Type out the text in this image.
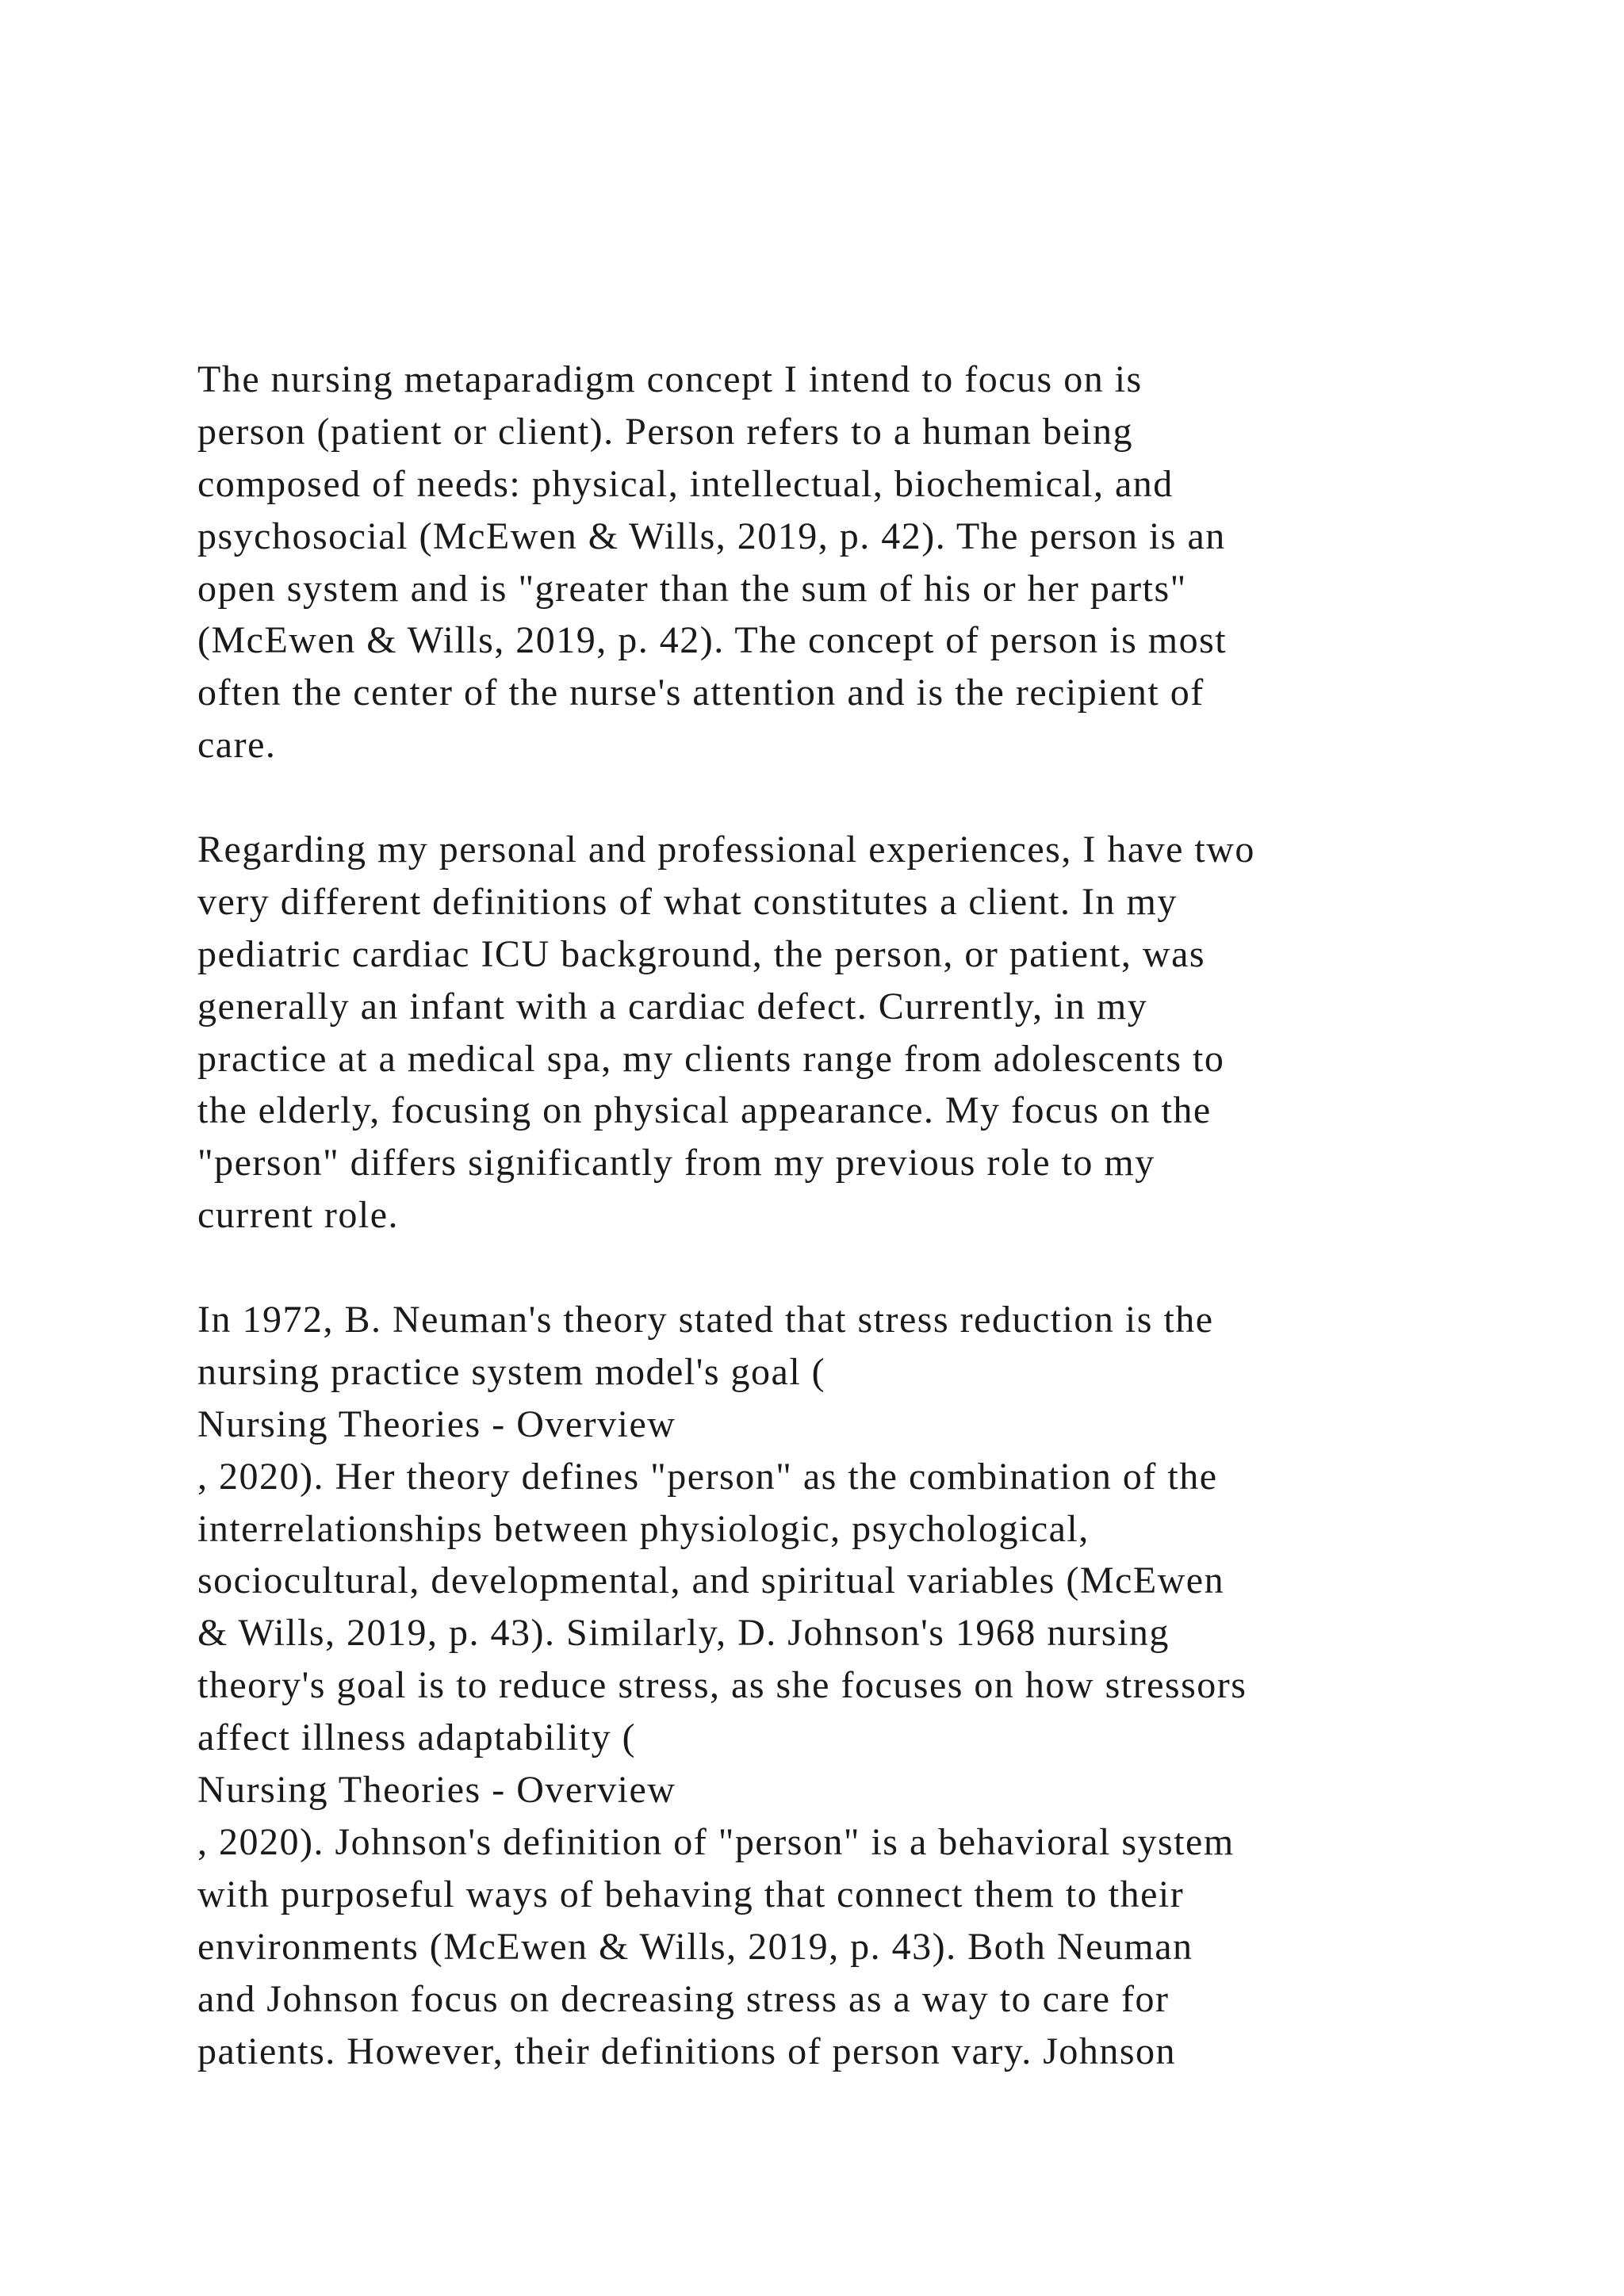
The nursing metaparadigm concept I intend to focus on is
person (patient or client). Person refers to a human being
composed of needs: physical, intellectual, biochemical, and
psychosocial (McEwen & Wills, 2019, p. 42). The person is an
open system and is "greater than the sum of his or her parts"
(McEwen & Wills, 2019, p. 42). The concept of person is most
often the center of the nurse's attention and is the recipient of
care.
Regarding my personal and professional experiences, I have two
very different definitions of what constitutes a client. In my
pediatric cardiac ICU background, the person, or patient, was
generally an infant with a cardiac defect. Currently, in my
practice at a medical spa, my clients range from adolescents to
the elderly, focusing on physical appearance. My focus on the
"person" differs significantly from my previous role to my
current role.
In 1972, B. Neuman's theory stated that stress reduction is the
nursing practice system model's goal (
Nursing Theories - Overview
, 2020). Her theory defines "person" as the combination of the
interrelationships between physiologic, psychological,
sociocultural, developmental, and spiritual variables (McEwen
& Wills, 2019, p. 43). Similarly, D. Johnson's 1968 nursing
theory's goal is to reduce stress, as she focuses on how stressors
affect illness adaptability (
Nursing Theories - Overview
, 2020). Johnson's definition of "person" is a behavioral system
with purposeful ways of behaving that connect them to their
environments (McEwen & Wills, 2019, p. 43). Both Neuman
and Johnson focus on decreasing stress as a way to care for
patients. However, their definitions of person vary. Johnson
